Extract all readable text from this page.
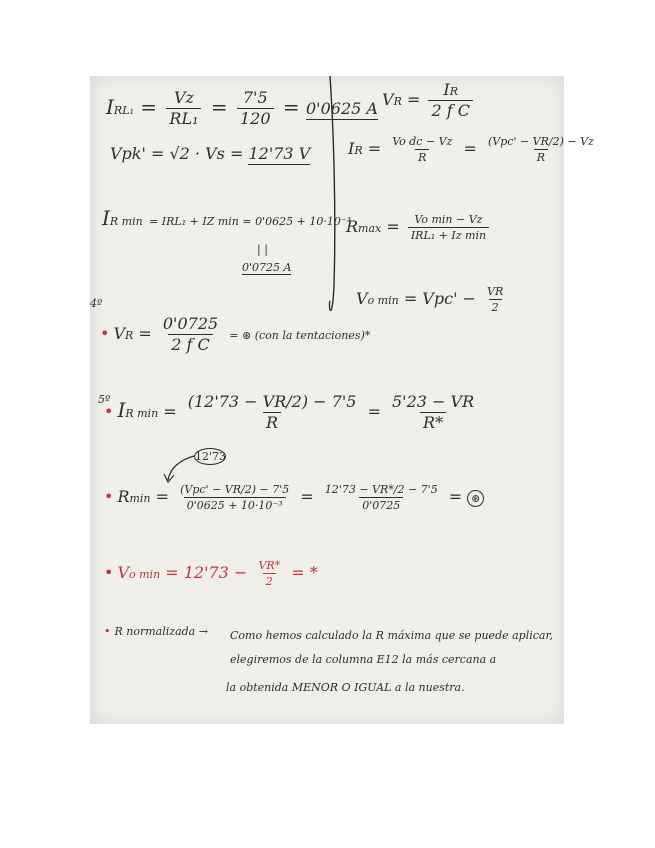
$IRL_1 = \frac{Vz}{\text{RL₁}} = \frac{7'5}{120} = 0'0625$ A
Vpk' = √2 · Vs = 12'73 V
IR min = IRL₁ + IZ min = 0'0625 + 10·10⁻³
| |
0'0725 A
4º
• VR = $\frac{0'0725}{\text{2 f C}}$ = ⊛ (con la tentaciones)*
VR = $\frac{IR}{\text{2 f C}}$
IR = $\frac{\text{Vo dc − Vz}}{R} = \frac{\text{(Vpc' − VR/2) − Vz}}{R}$
$Rmax = \frac{\text{Vo min − Vz}}{\text{IRL₁ + Iz min}}$
Vo $\min = Vpc' - \frac{VR}{2}$
5º
• IR $\min = \frac{(12'73 - VR/2) - 7'5}{R} = \frac{5'23 - VR}{R*}$
12'73
• $Rmin = \frac{\text{(Vpc' − VR/2) − 7'5}}{\text{0'0625 + 10·10⁻³}} = \frac{12'73 - VR*/2 - 7'5}{0'0725}$ = ⊛
• Vo $\min = 12'73 - \frac{VR*}{2}$ = *
• R normalizada → Como hemos calculado la R máxima que se puede aplicar,
elegiremos de la columna E12 la más cercana a
la obtenida MENOR O IGUAL a la nuestra.
